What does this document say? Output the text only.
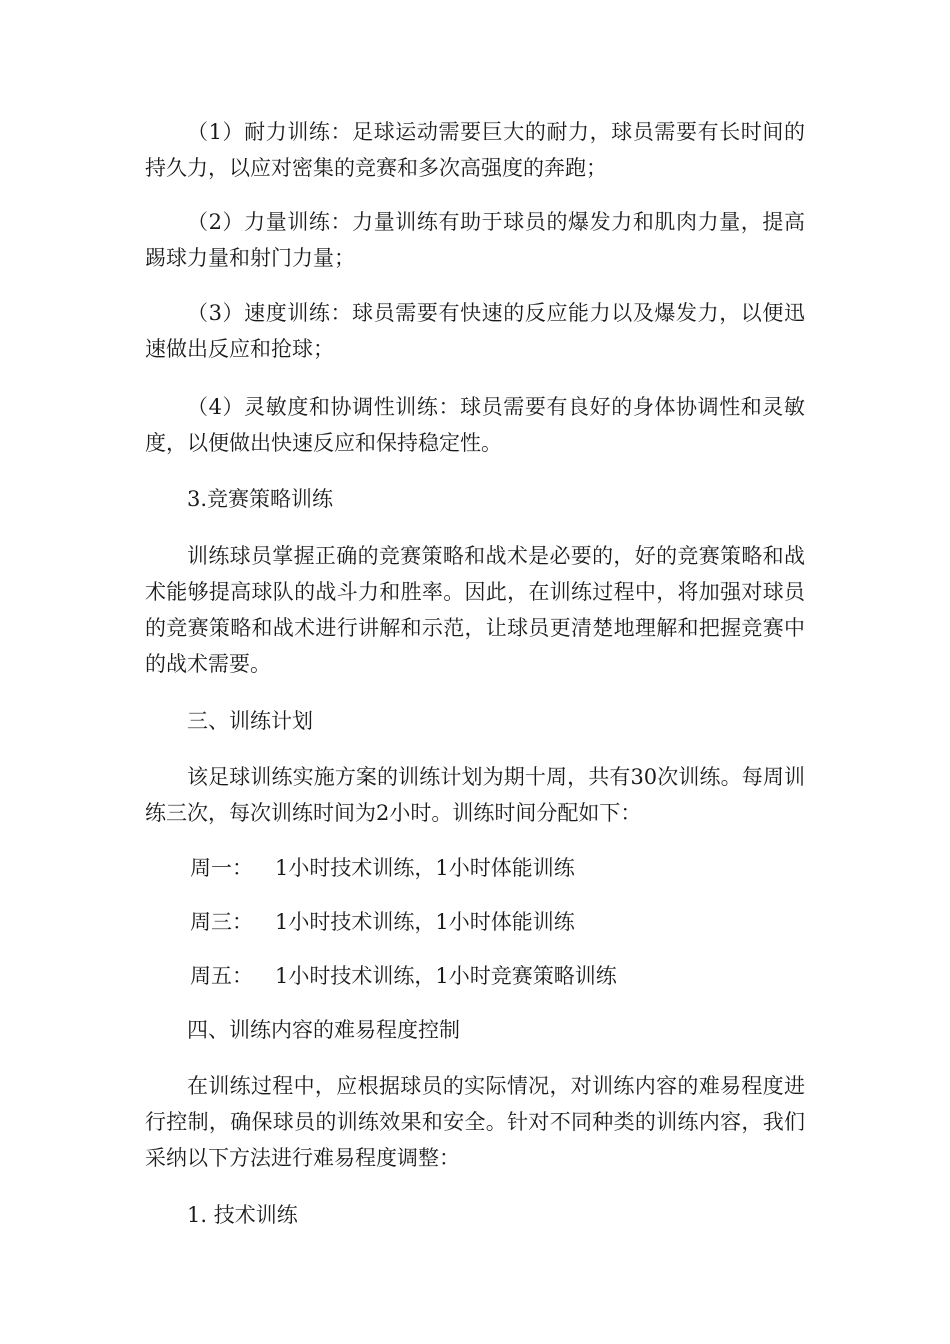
（1）耐力训练：足球运动需要巨大的耐力，球员需要有长时间的持久力，以应对密集的竞赛和多次高强度的奔跑；

（2）力量训练：力量训练有助于球员的爆发力和肌肉力量，提高踢球力量和射门力量；

（3）速度训练：球员需要有快速的反应能力以及爆发力，以便迅速做出反应和抢球；

（4）灵敏度和协调性训练：球员需要有良好的身体协调性和灵敏度，以便做出快速反应和保持稳定性。

3.竞赛策略训练

训练球员掌握正确的竞赛策略和战术是必要的，好的竞赛策略和战术能够提高球队的战斗力和胜率。因此，在训练过程中，将加强对球员的竞赛策略和战术进行讲解和示范，让球员更清楚地理解和把握竞赛中的战术需要。

三、训练计划

该足球训练实施方案的训练计划为期十周，共有30次训练。每周训练三次，每次训练时间为2小时。训练时间分配如下：

周一： 1小时技术训练，1小时体能训练

周三： 1小时技术训练，1小时体能训练

周五： 1小时技术训练，1小时竞赛策略训练

四、训练内容的难易程度控制

在训练过程中，应根据球员的实际情况，对训练内容的难易程度进行控制，确保球员的训练效果和安全。针对不同种类的训练内容，我们采纳以下方法进行难易程度调整：

1. 技术训练
